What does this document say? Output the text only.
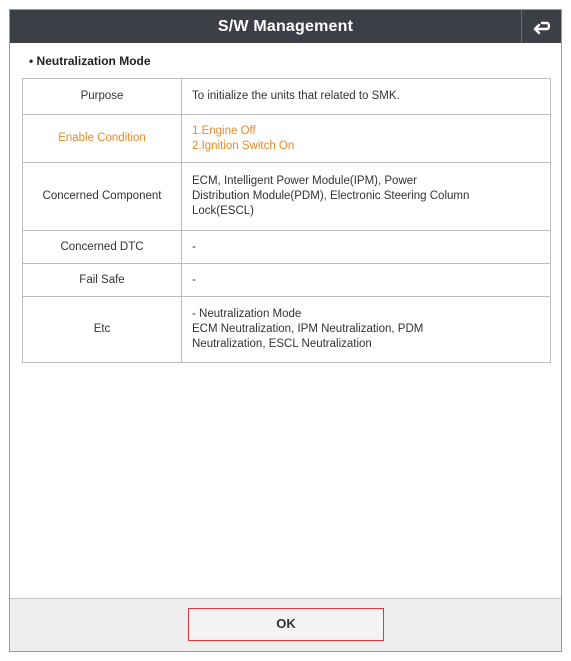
S/W Management
• Neutralization Mode
Purpose	To initialize the units that related to SMK.

Enable Condition	1.Engine Off
2.Ignition Switch On

Concerned Component	ECM, Intelligent Power Module(IPM), Power
Distribution Module(PDM), Electronic Steering Column
Lock(ESCL)

Concerned DTC	-

Fail Safe	-

Etc	- Neutralization Mode
ECM Neutralization, IPM Neutralization, PDM
Neutralization, ESCL Neutralization
OK
